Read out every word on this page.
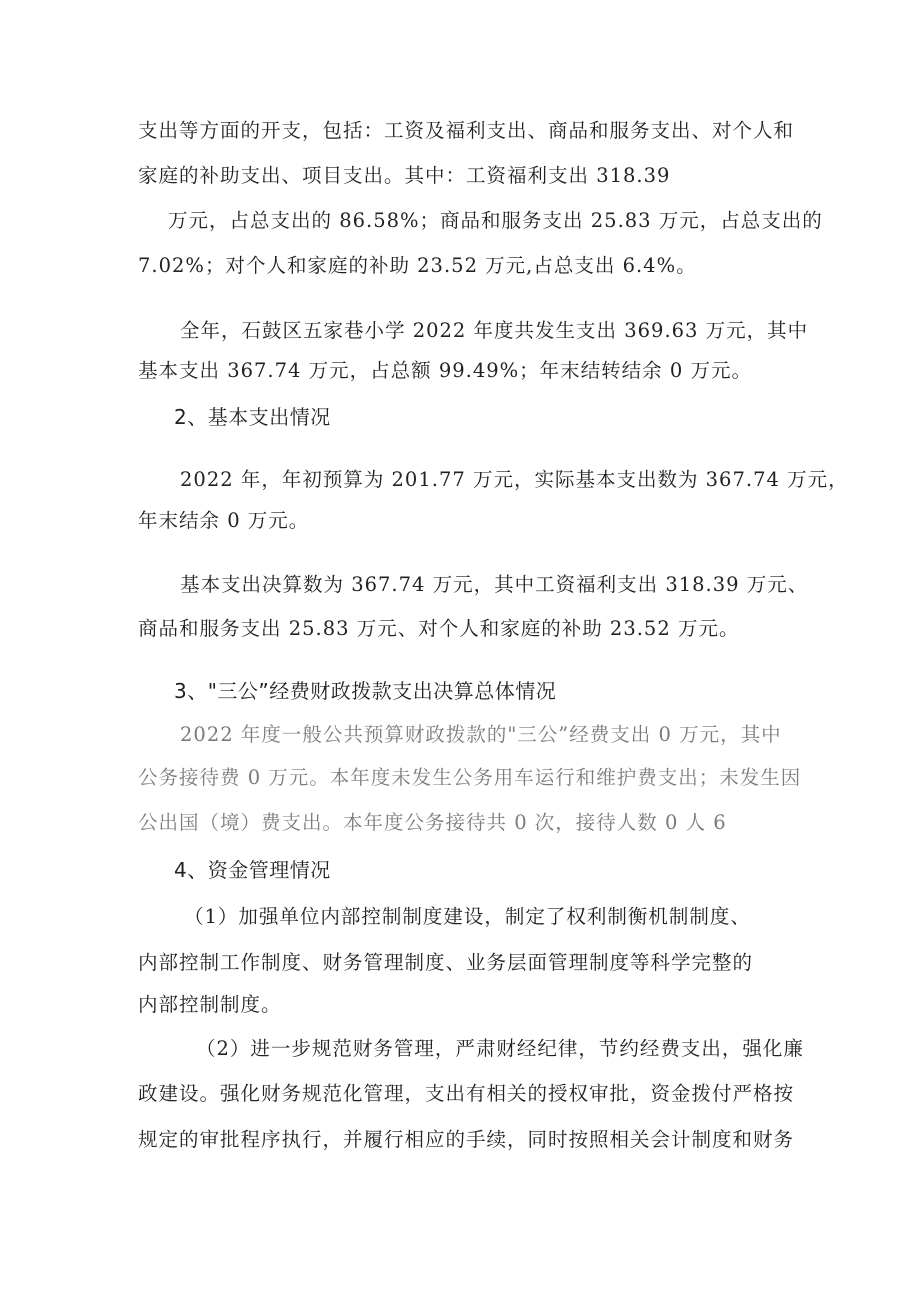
支出等方面的开支，包括：工资及福利支出、商品和服务支出、对个人和

家庭的补助支出、项目支出。其中：工资福利支出 318.39

万元，占总支出的 86.58%；商品和服务支出 25.83 万元，占总支出的

7.02%；对个人和家庭的补助 23.52 万元,占总支出 6.4%。

全年，石鼓区五家巷小学 2022 年度共发生支出 369.63 万元，其中

基本支出 367.74 万元，占总额 99.49%；年末结转结余 0 万元。

2、基本支出情况

2022 年，年初预算为 201.77 万元，实际基本支出数为 367.74 万元，

年末结余 0 万元。

基本支出决算数为 367.74 万元，其中工资福利支出 318.39 万元、

商品和服务支出 25.83 万元、对个人和家庭的补助 23.52 万元。

3、"三公”经费财政拨款支出决算总体情况

2022 年度一般公共预算财政拨款的"三公”经费支出 0 万元，其中

公务接待费 0 万元。本年度未发生公务用车运行和维护费支出；未发生因

公出国（境）费支出。本年度公务接待共 0 次，接待人数 0 人 6

4、资金管理情况

（1）加强单位内部控制制度建设，制定了权利制衡机制制度、

内部控制工作制度、财务管理制度、业务层面管理制度等科学完整的

内部控制制度。

（2）进一步规范财务管理，严肃财经纪律，节约经费支出，强化廉

政建设。强化财务规范化管理，支出有相关的授权审批，资金拨付严格按

规定的审批程序执行，并履行相应的手续，同时按照相关会计制度和财务
